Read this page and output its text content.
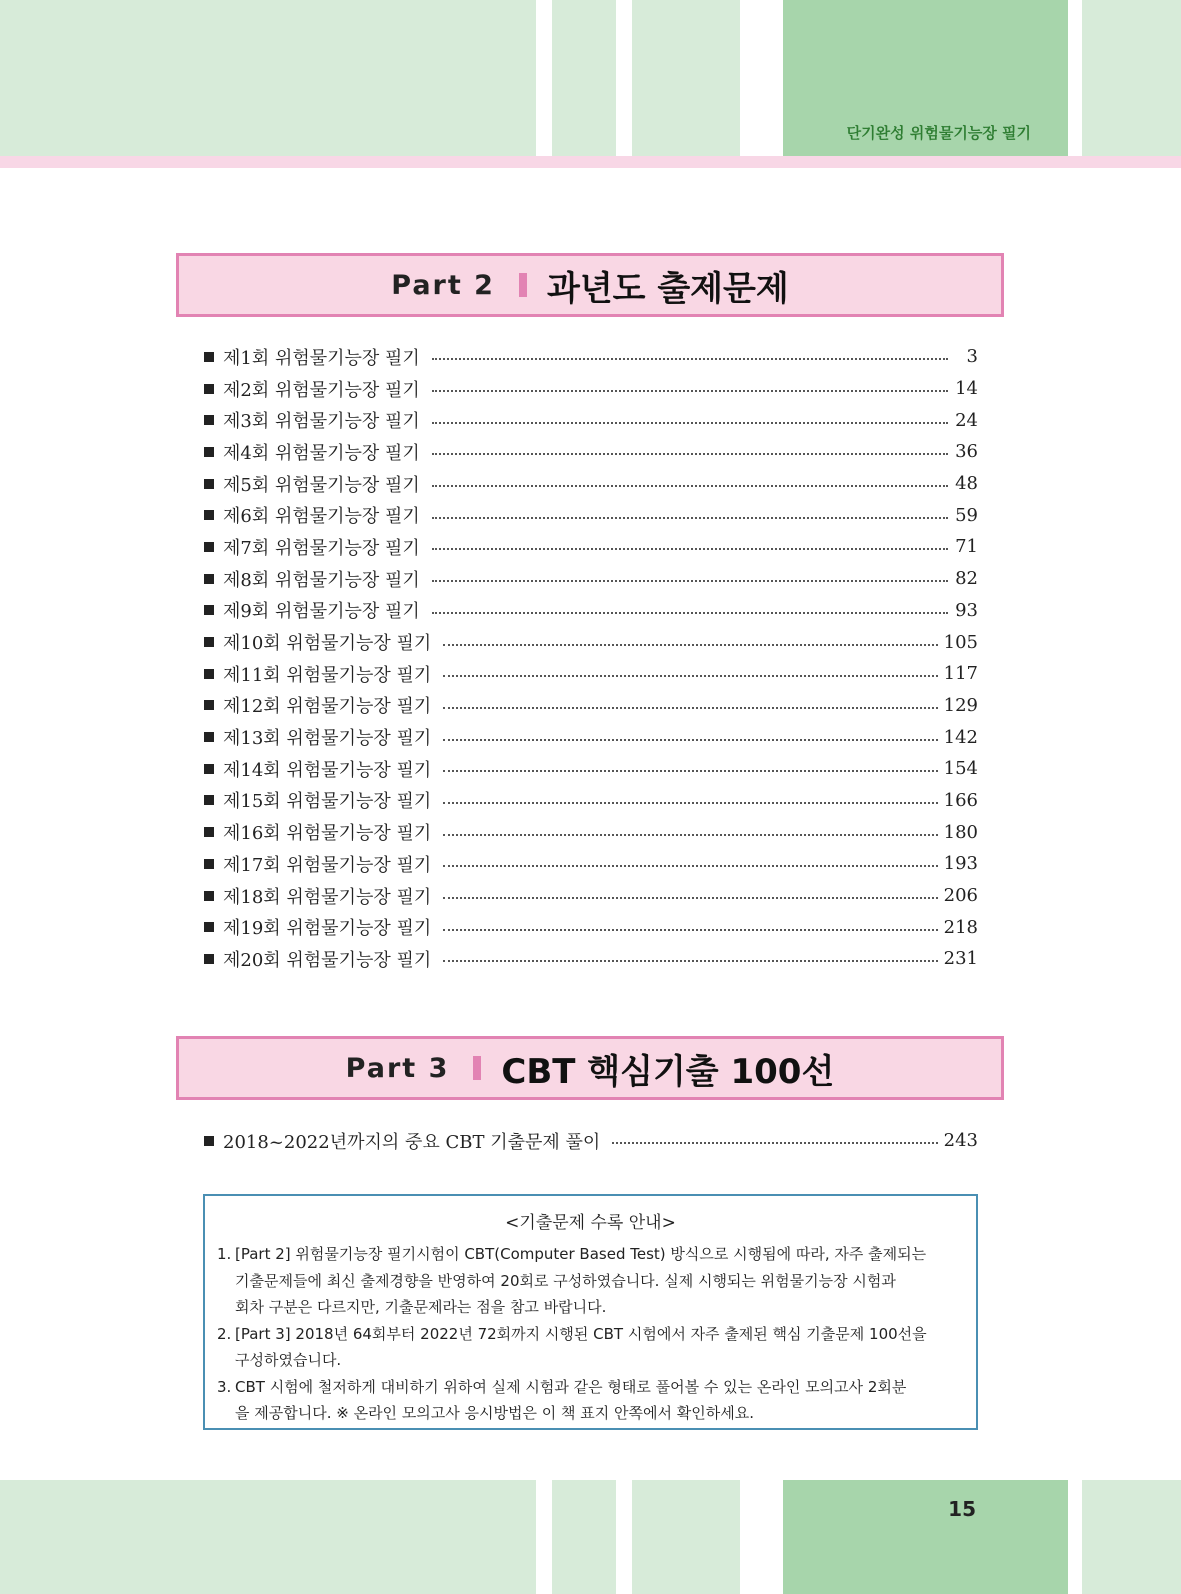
단기완성 위험물기능장 필기
Part 2 과년도 출제문제
제1회 위험물기능장 필기	3
제2회 위험물기능장 필기	14
제3회 위험물기능장 필기	24
제4회 위험물기능장 필기	36
제5회 위험물기능장 필기	48
제6회 위험물기능장 필기	59
제7회 위험물기능장 필기	71
제8회 위험물기능장 필기	82
제9회 위험물기능장 필기	93
제10회 위험물기능장 필기	105
제11회 위험물기능장 필기	117
제12회 위험물기능장 필기	129
제13회 위험물기능장 필기	142
제14회 위험물기능장 필기	154
제15회 위험물기능장 필기	166
제16회 위험물기능장 필기	180
제17회 위험물기능장 필기	193
제18회 위험물기능장 필기	206
제19회 위험물기능장 필기	218
제20회 위험물기능장 필기	231
Part 3 CBT 핵심기출 100선
2018~2022년까지의 중요 CBT 기출문제 풀이	243
<기출문제 수록 안내>
1. [Part 2] 위험물기능장 필기시험이 CBT(Computer Based Test) 방식으로 시행됨에 따라, 자주 출제되는
기출문제들에 최신 출제경향을 반영하여 20회로 구성하였습니다. 실제 시행되는 위험물기능장 시험과
회차 구분은 다르지만, 기출문제라는 점을 참고 바랍니다.
2. [Part 3] 2018년 64회부터 2022년 72회까지 시행된 CBT 시험에서 자주 출제된 핵심 기출문제 100선을
구성하였습니다.
3. CBT 시험에 철저하게 대비하기 위하여 실제 시험과 같은 형태로 풀어볼 수 있는 온라인 모의고사 2회분
을 제공합니다. ※ 온라인 모의고사 응시방법은 이 책 표지 안쪽에서 확인하세요.
15
